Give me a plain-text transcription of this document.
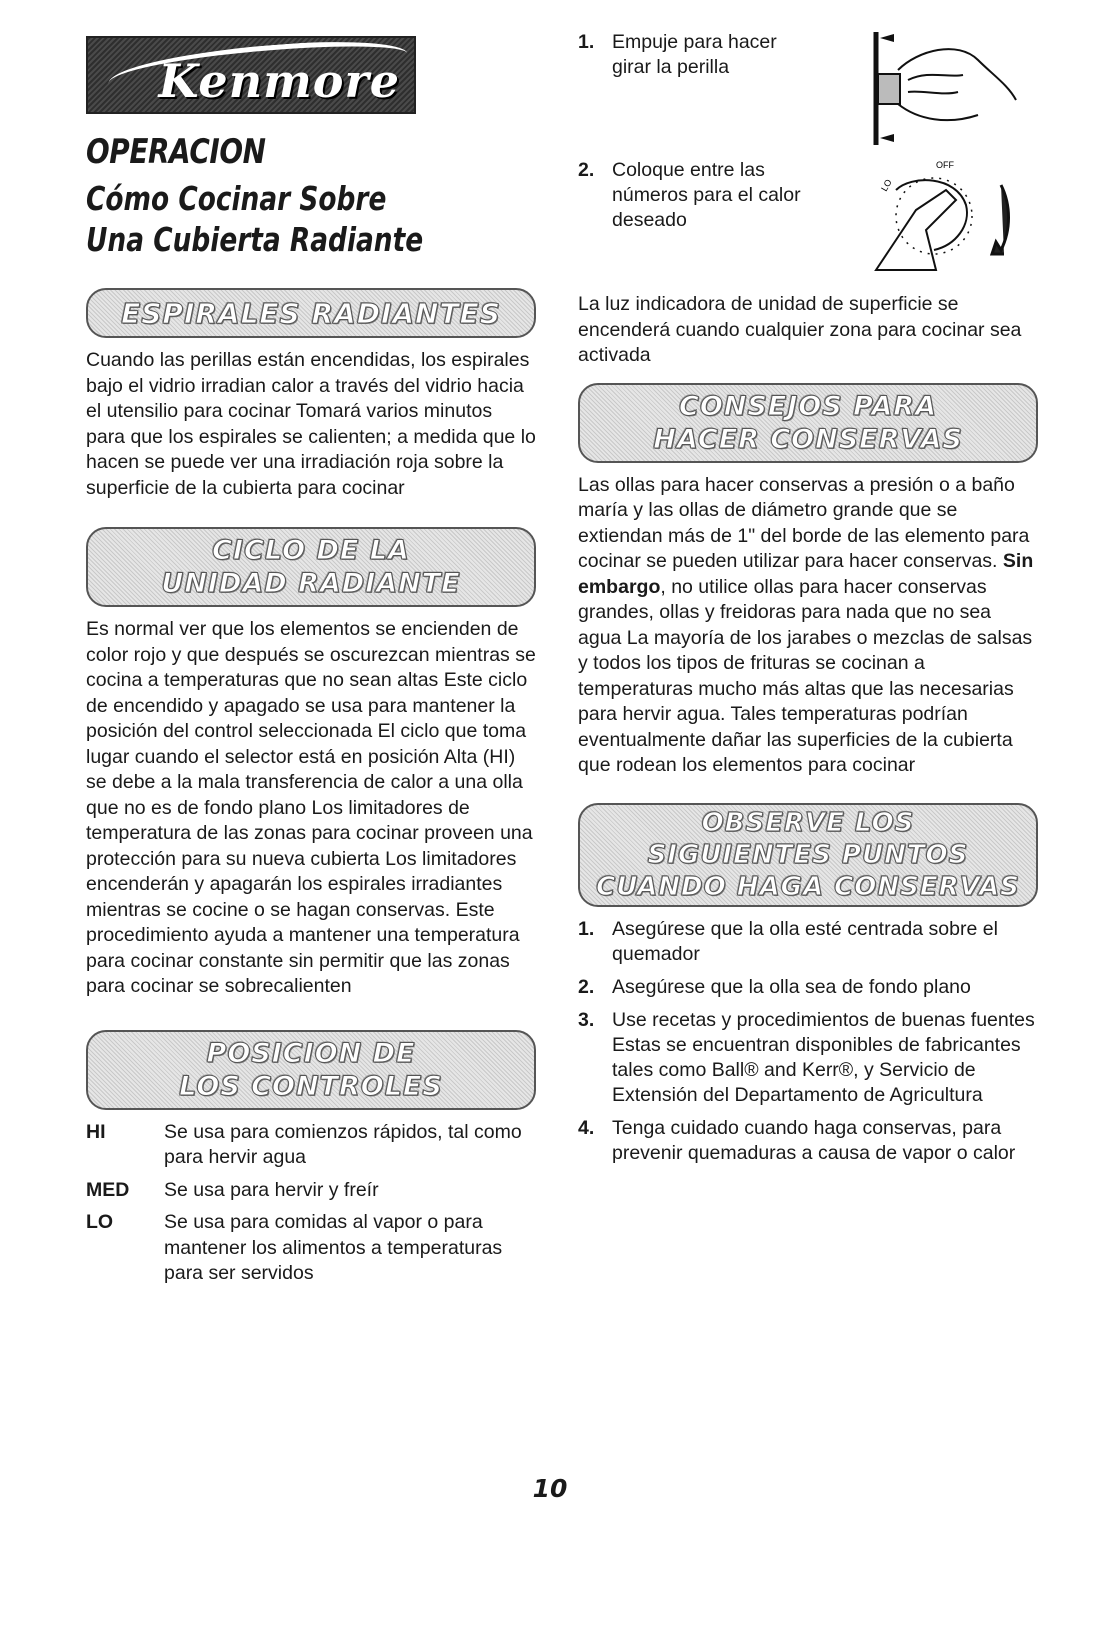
Kenmore
OPERACION
Cómo Cocinar Sobre
Una Cubierta Radiante
ESPIRALES RADIANTES

Cuando las perillas están encendidas, los espirales bajo el vidrio irradian calor a través del vidrio hacia el utensilio para cocinar Tomará varios minutos para que los espirales se calienten; a medida que lo hacen se puede ver una irradiación roja sobre la superficie de la cubierta para cocinar

CICLO DE LA
UNIDAD RADIANTE

Es normal ver que los elementos se encienden de color rojo y que después se oscurezcan mientras se cocina a temperaturas que no sean altas Este ciclo de encendido y apagado se usa para mantener la posición del control seleccionada El ciclo que toma lugar cuando el selector está en posición Alta (HI) se debe a la mala transferencia de calor a una olla que no es de fondo plano Los limitadores de temperatura de las zonas para cocinar proveen una protección para su nueva cubierta Los limitadores encenderán y apagarán los espirales irradiantes mientras se cocine o se hagan conservas. Este procedimiento ayuda a mantener una temperatura para cocinar constante sin permitir que las zonas para cocinar se sobrecalienten

POSICION DE
LOS CONTROLES
HI	Se usa para comienzos rápidos, tal como para hervir agua
MED	Se usa para hervir y freír
LO	Se usa para comidas al vapor o para mantener los alimentos a temperaturas para ser servidos
1. Empuje para hacer girar la perilla
2. Coloque entre las números para el calor deseado
OFF
LO

La luz indicadora de unidad de superficie se encenderá cuando cualquier zona para cocinar sea activada

CONSEJOS PARA
HACER CONSERVAS

Las ollas para hacer conservas a presión o a baño maría y las ollas de diámetro grande que se extiendan más de 1" del borde de las elemento para cocinar se pueden utilizar para hacer conservas. Sin embargo, no utilice ollas para hacer conservas grandes, ollas y freidoras para nada que no sea agua La mayoría de los jarabes o mezclas de salsas y todos los tipos de frituras se cocinan a temperaturas mucho más altas que las necesarias para hervir agua. Tales temperaturas podrían eventualmente dañar las superficies de la cubierta que rodean los elementos para cocinar

OBSERVE LOS
SIGUIENTES PUNTOS
CUANDO HAGA CONSERVAS
1. Asegúrese que la olla esté centrada sobre el quemador
2. Asegúrese que la olla sea de fondo plano
3. Use recetas y procedimientos de buenas fuentes Estas se encuentran disponibles de fabricantes tales como Ball® and Kerr®, y Servicio de Extensión del Departamento de Agricultura
4. Tenga cuidado cuando haga conservas, para prevenir quemaduras a causa de vapor o calor
10
